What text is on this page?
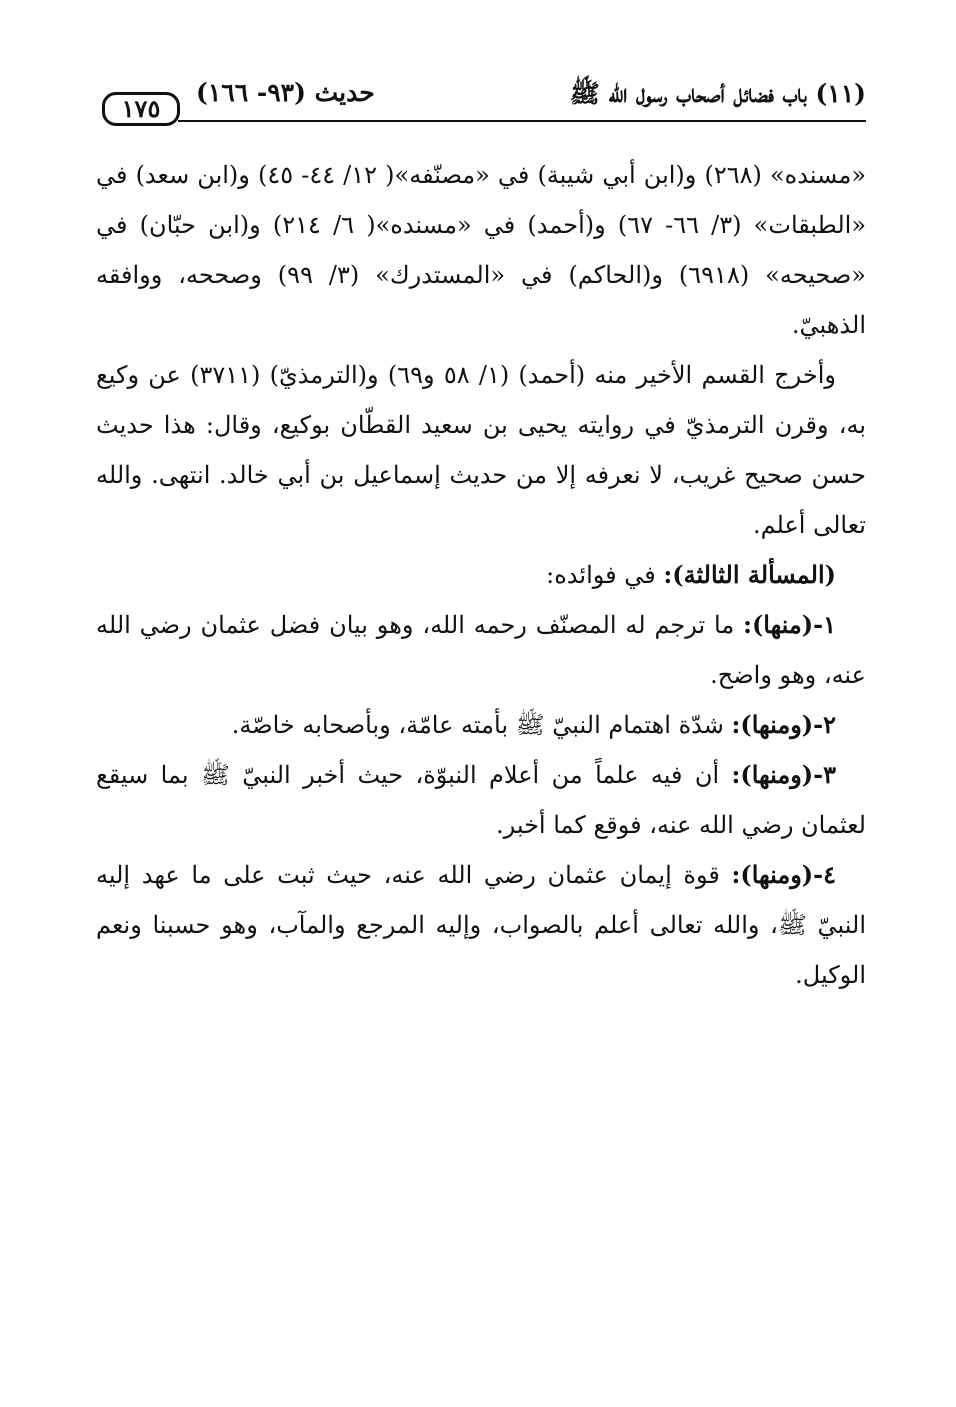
(١١) باب فضائل أصحاب رسول الله ﷺ
حديث (٩٣- ١٦٦)
١٧٥

«مسنده» (٢٦٨) و(ابن أبي شيبة) في «مصنّفه»( ١٢/ ٤٤- ٤٥) و(ابن سعد) في «الطبقات» (٣/ ٦٦- ٦٧) و(أحمد) في «مسنده»( ٦/ ٢١٤) و(ابن حبّان) في «صحيحه» (٦٩١٨) و(الحاكم) في «المستدرك» (٣/ ٩٩) وصححه، ووافقه الذهبيّ.

وأخرج القسم الأخير منه (أحمد) (١/ ٥٨ و٦٩) و(الترمذيّ) (٣٧١١) عن وكيع به، وقرن الترمذيّ في روايته يحيى بن سعيد القطّان بوكيع، وقال: هذا حديث حسن صحيح غريب، لا نعرفه إلا من حديث إسماعيل بن أبي خالد. انتهى. والله تعالى أعلم.

(المسألة الثالثة): في فوائده:

١-(منها): ما ترجم له المصنّف رحمه الله، وهو بيان فضل عثمان رضي الله عنه، وهو واضح.

٢-(ومنها): شدّة اهتمام النبيّ ﷺ بأمته عامّة، وبأصحابه خاصّة.

٣-(ومنها): أن فيه علماً من أعلام النبوّة، حيث أخبر النبيّ ﷺ بما سيقع لعثمان رضي الله عنه، فوقع كما أخبر.

٤-(ومنها): قوة إيمان عثمان رضي الله عنه، حيث ثبت على ما عهد إليه النبيّ ﷺ، والله تعالى أعلم بالصواب، وإليه المرجع والمآب، وهو حسبنا ونعم الوكيل.
